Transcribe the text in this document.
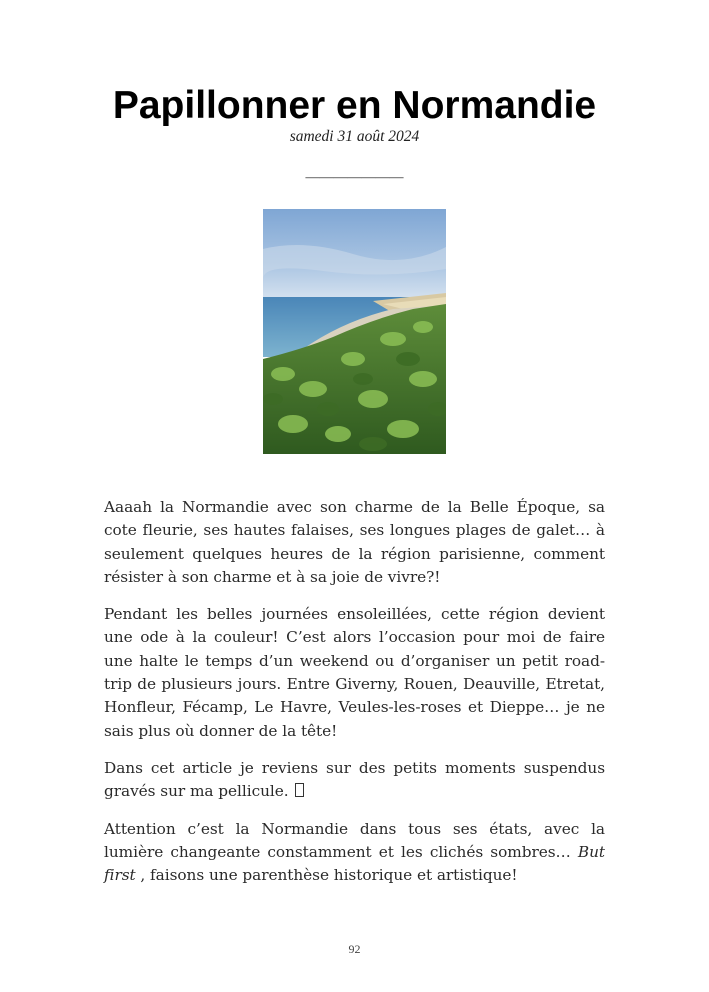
Papillonner en Normandie
samedi 31 août 2024
———————

Aaaah la Normandie avec son charme de la Belle Époque, sa cote fleurie, ses hautes falaises, ses longues plages de galet… à seulement quelques heures de la région parisienne, comment résister à son charme et à sa joie de vivre?!

Pendant les belles journées ensoleillées, cette région devient une ode à la couleur! C’est alors l’occasion pour moi de faire une halte le temps d’un weekend ou d’organiser un petit road-trip de plusieurs jours. Entre Giverny, Rouen, Deauville, Etretat, Honfleur, Fécamp, Le Havre, Veules-les-roses et Dieppe… je ne sais plus où donner de la tête!

Dans cet article je reviens sur des petits moments suspendus gravés sur ma pellicule.

Attention c’est la Normandie dans tous ses états, avec la lumière changeante constamment et les clichés sombres… But first , faisons une parenthèse historique et artistique!

92
